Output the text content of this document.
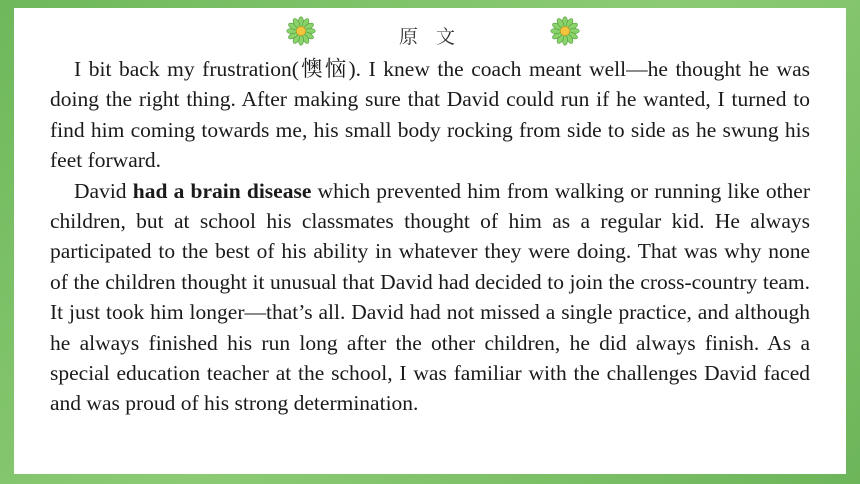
原 文

I bit back my frustration(懊恼). I knew the coach meant well—he thought he was doing the right thing. After making sure that David could run if he wanted, I turned to find him coming towards me, his small body rocking from side to side as he swung his feet forward.

David had a brain disease which prevented him from walking or running like other children, but at school his classmates thought of him as a regular kid. He always participated to the best of his ability in whatever they were doing. That was why none of the children thought it unusual that David had decided to join the cross-country team. It just took him longer—that’s all. David had not missed a single practice, and although he always finished his run long after the other children, he did always finish. As a special education teacher at the school, I was familiar with the challenges David faced and was proud of his strong determination.
